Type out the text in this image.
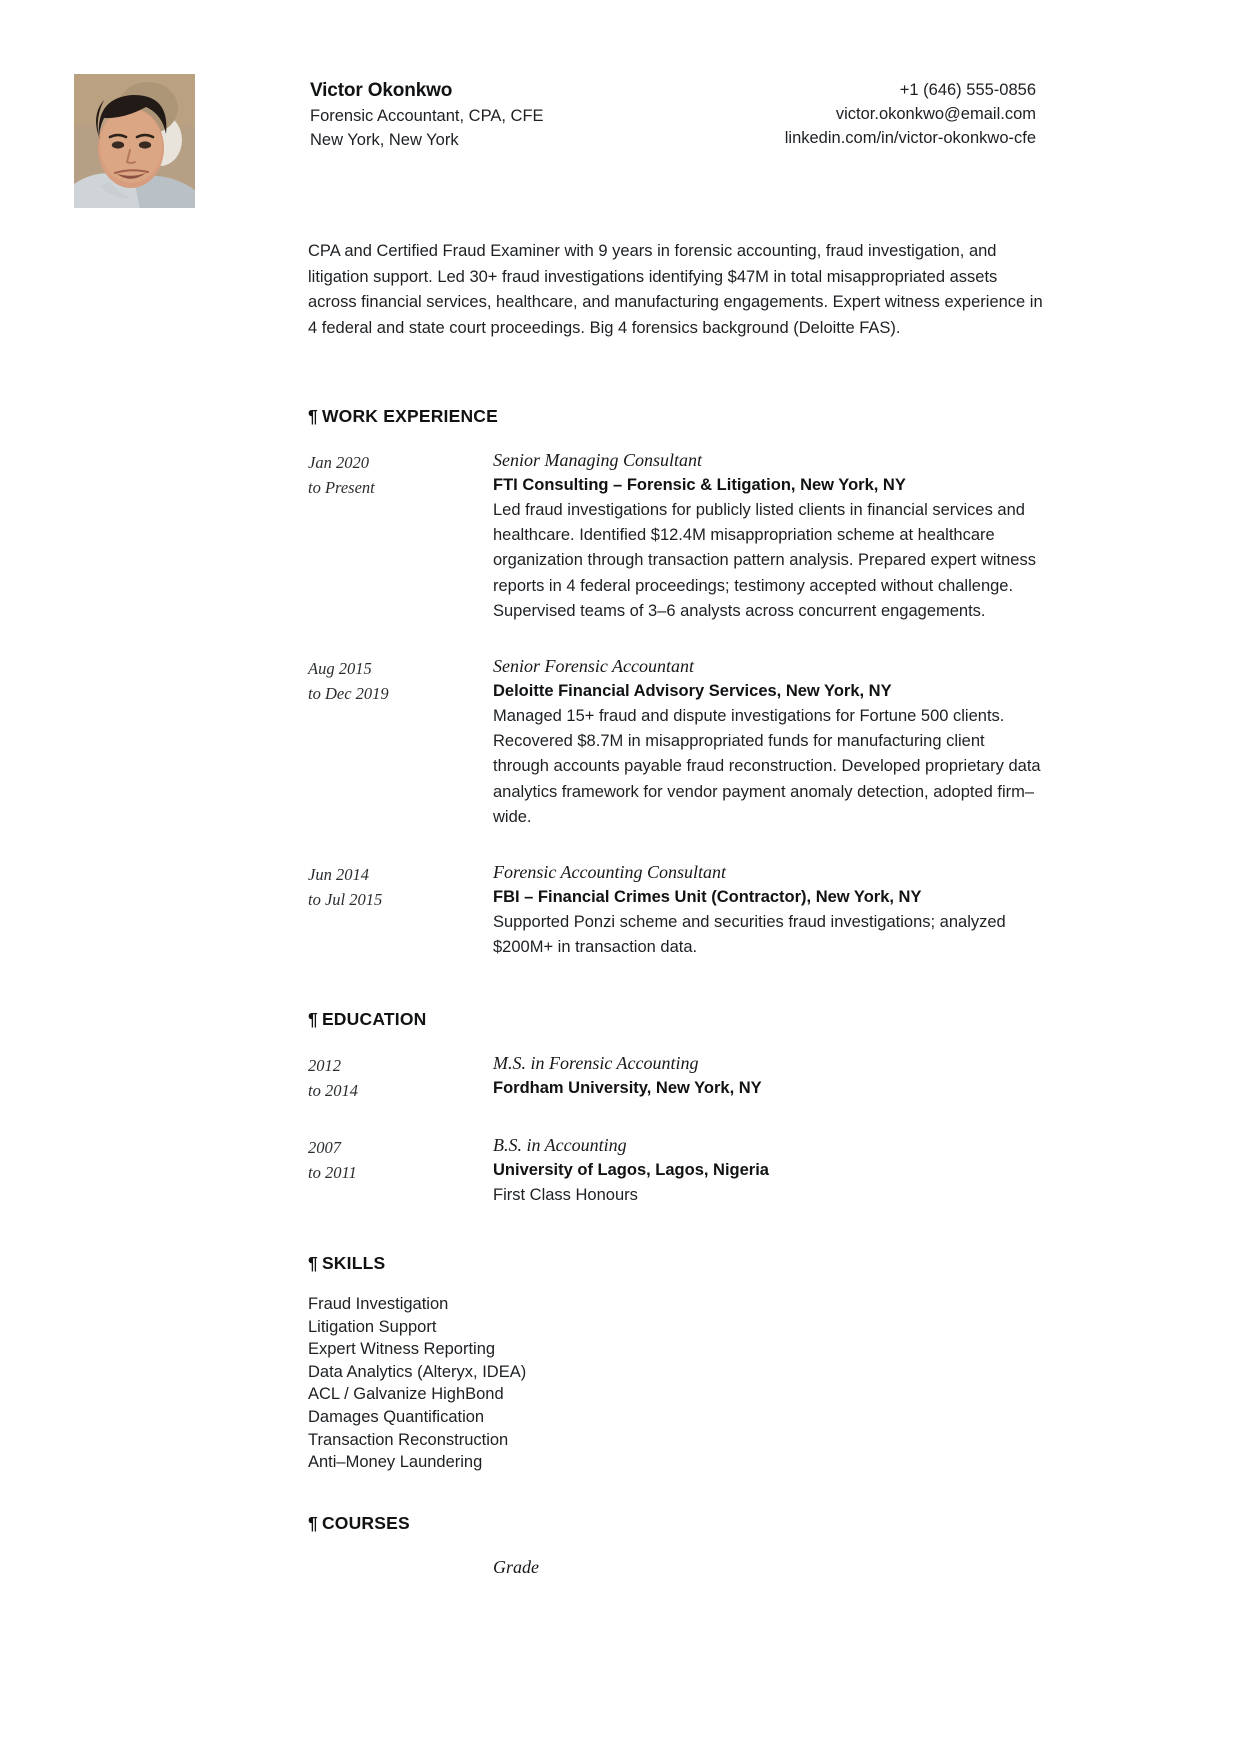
Victor Okonkwo
Forensic Accountant, CPA, CFE
New York, New York
+1 (646) 555-0856
victor.okonkwo@email.com
linkedin.com/in/victor-okonkwo-cfe
CPA and Certified Fraud Examiner with 9 years in forensic accounting, fraud investigation, and litigation support. Led 30+ fraud investigations identifying $47M in total misappropriated assets across financial services, healthcare, and manufacturing engagements. Expert witness experience in 4 federal and state court proceedings. Big 4 forensics background (Deloitte FAS).
¶ WORK EXPERIENCE
Jan 2020
to Present
Senior Managing Consultant
FTI Consulting – Forensic & Litigation, New York, NY
Led fraud investigations for publicly listed clients in financial services and healthcare. Identified $12.4M misappropriation scheme at healthcare organization through transaction pattern analysis. Prepared expert witness reports in 4 federal proceedings; testimony accepted without challenge. Supervised teams of 3–6 analysts across concurrent engagements.
Aug 2015
to Dec 2019
Senior Forensic Accountant
Deloitte Financial Advisory Services, New York, NY
Managed 15+ fraud and dispute investigations for Fortune 500 clients. Recovered $8.7M in misappropriated funds for manufacturing client through accounts payable fraud reconstruction. Developed proprietary data analytics framework for vendor payment anomaly detection, adopted firm–wide.
Jun 2014
to Jul 2015
Forensic Accounting Consultant
FBI – Financial Crimes Unit (Contractor), New York, NY
Supported Ponzi scheme and securities fraud investigations; analyzed $200M+ in transaction data.
¶ EDUCATION
2012
to 2014
M.S. in Forensic Accounting
Fordham University, New York, NY
2007
to 2011
B.S. in Accounting
University of Lagos, Lagos, Nigeria
First Class Honours
¶ SKILLS
Fraud Investigation
Litigation Support
Expert Witness Reporting
Data Analytics (Alteryx, IDEA)
ACL / Galvanize HighBond
Damages Quantification
Transaction Reconstruction
Anti–Money Laundering
¶ COURSES
Grade
